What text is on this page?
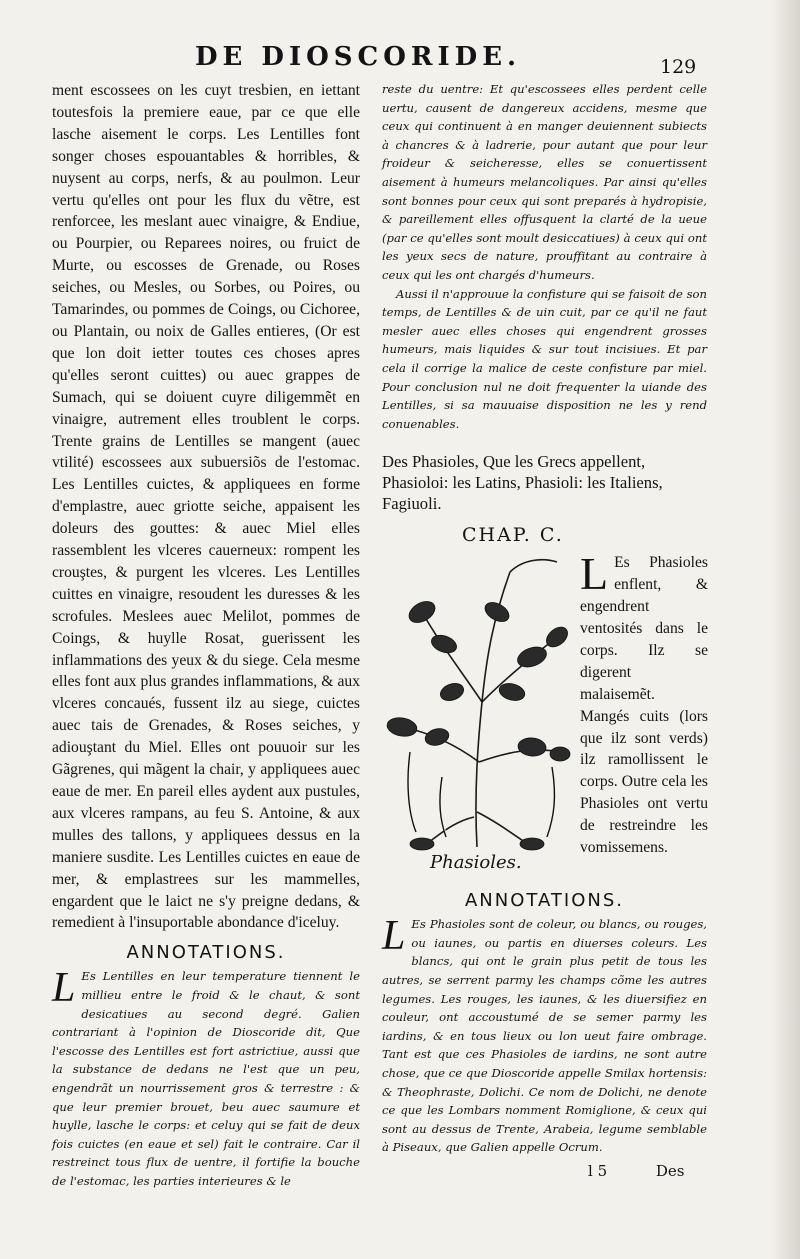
DE DIOSCORIDE.	129

ment escossees on les cuyt tresbien, en iettant toutesfois la premiere eaue, par ce que elle lasche aisement le corps. Les Lentilles font songer choses espouantables & horribles, & nuysent au corps, nerfs, & au poulmon. Leur vertu qu'elles ont pour les flux du vẽtre, est renforcee, les meslant auec vinaigre, & Endiue, ou Pourpier, ou Reparees noires, ou fruict de Murte, ou escosses de Grenade, ou Roses seiches, ou Mesles, ou Sorbes, ou Poires, ou Tamarindes, ou pommes de Coings, ou Cichoree, ou Plantain, ou noix de Galles entieres, (Or est que lon doit ietter toutes ces choses apres qu'elles seront cuittes) ou auec grappes de Sumach, qui se doiuent cuyre diligemmẽt en vinaigre, autrement elles troublent le corps. Trente grains de Lentilles se mangent (auec vtilité) escossees aux subuersiõs de l'estomac. Les Lentilles cuictes, & appliquees en forme d'emplastre, auec griotte seiche, appaisent les doleurs des gouttes: & auec Miel elles rassemblent les vlceres cauerneux: rompent les crouştes, & purgent les vlceres. Les Lentilles cuittes en vinaigre, resoudent les duresses & les scrofules. Meslees auec Melilot, pommes de Coings, & huylle Rosat, guerissent les inflammations des yeux & du siege. Cela mesme elles font aux plus grandes inflammations, & aux vlceres concaués, fussent ilz au siege, cuictes auec tais de Grenades, & Roses seiches, y adiouştant du Miel. Elles ont pouuoir sur les Gãgrenes, qui mãgent la chair, y appliquees auec eaue de mer. En pareil elles aydent aux pustules, aux vlceres rampans, au feu S. Antoine, & aux mulles des tallons, y appliquees dessus en la maniere susdite. Les Lentilles cuictes en eaue de mer, & emplastrees sur les mammelles, engardent que le laict ne s'y preigne dedans, & remedient à l'insuportable abondance d'iceluy.

ANNOTATIONS.

L Es Lentilles en leur temperature tiennent le millieu entre le froid & le chaut, & sont desicatiues au second degré. Galien contrariant à l'opinion de Dioscoride dit, Que l'escosse des Lentilles est fort astrictiue, aussi que la substance de dedans ne l'est que un peu, engendrãt un nourrissement gros & terrestre : & que leur premier brouet, beu auec saumure et huylle, lasche le corps: et celuy qui se fait de deux fois cuictes (en eaue et sel) fait le contraire. Car il restreinct tous flux de uentre, il fortifie la bouche de l'estomac, les parties interieures & le

reste du uentre: Et qu'escossees elles perdent celle uertu, causent de dangereux accidens, mesme que ceux qui continuent à en manger deuiennent subiects à chancres & à ladrerie, pour autant que pour leur froideur & seicheresse, elles se conuertissent aisement à humeurs melancoliques. Par ainsi qu'elles sont bonnes pour ceux qui sont preparés à hydropisie, & pareillement elles offusquent la clarté de la ueue (par ce qu'elles sont moult desiccatiues) à ceux qui ont les yeux secs de nature, prouffitant au contraire à ceux qui les ont chargés d'humeurs.

Aussi il n'approuue la confisture qui se faisoit de son temps, de Lentilles & de uin cuit, par ce qu'il ne faut mesler auec elles choses qui engendrent grosses humeurs, mais liquides & sur tout incisiues. Et par cela il corrige la malice de ceste confisture par miel. Pour conclusion nul ne doit frequenter la uiande des Lentilles, si sa mauuaise disposition ne les y rend conuenables.

Des Phasioles, Que les Grecs appellent, Phasioloi: les Latins, Phasioli: les Italiens, Fagiuoli.

CHAP. C.
L Es Phasioles enflent, & engendrent ventosités dans le corps. Ilz se digerent malaisemẽt. Mangés cuits (lors que ilz sont verds) ilz ramollissent le corps. Outre cela les Phasioles ont vertu de restreindre les vomissemens.
Phasioles.
ANNOTATIONS.

L Es Phasioles sont de coleur, ou blancs, ou rouges, ou iaunes, ou partis en diuerses coleurs. Les blancs, qui ont le grain plus petit de tous les autres, se serrent parmy les champs cõme les autres legumes. Les rouges, les iaunes, & les diuersifiez en couleur, ont accoustumé de se semer parmy les iardins, & en tous lieux ou lon ueut faire ombrage. Tant est que ces Phasioles de iardins, ne sont autre chose, que ce que Dioscoride appelle Smilax hortensis: & Theophraste, Dolichi. Ce nom de Dolichi, ne denote ce que les Lombars nomment Romiglione, & ceux qui sont au dessus de Trente, Arabeia, legume semblable à Piseaux, que Galien appelle Ocrum.

l 5	Des
